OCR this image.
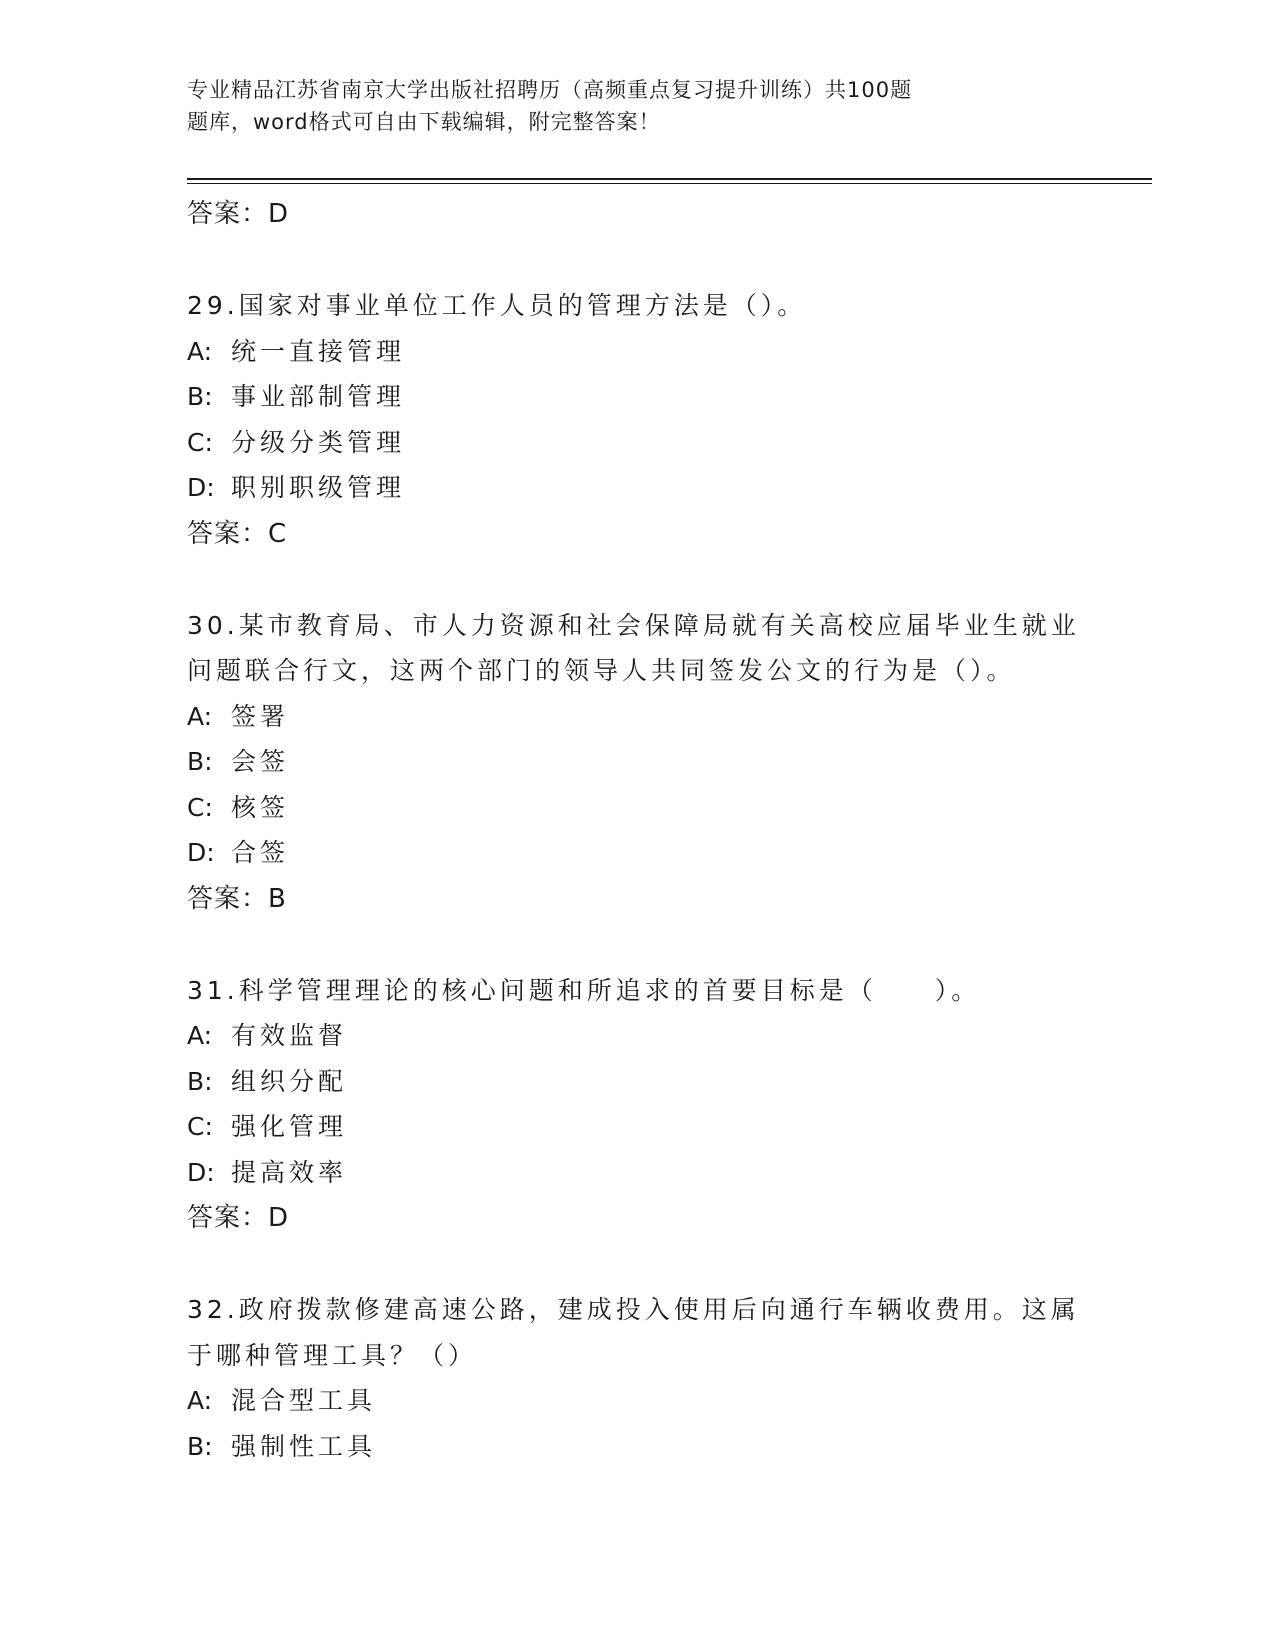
专业精品江苏省南京大学出版社招聘历（高频重点复习提升训练）共100题
题库，word格式可自由下载编辑，附完整答案！
答案：D
29.国家对事业单位工作人员的管理方法是（）。
A: 统一直接管理
B: 事业部制管理
C: 分级分类管理
D: 职别职级管理
答案：C
30.某市教育局、市人力资源和社会保障局就有关高校应届毕业生就业问题联合行文，这两个部门的领导人共同签发公文的行为是（）。
A: 签署
B: 会签
C: 核签
D: 合签
答案：B
31.科学管理理论的核心问题和所追求的首要目标是（　　）。
A: 有效监督
B: 组织分配
C: 强化管理
D: 提高效率
答案：D
32.政府拨款修建高速公路，建成投入使用后向通行车辆收费用。这属于哪种管理工具？（）
A: 混合型工具
B: 强制性工具
